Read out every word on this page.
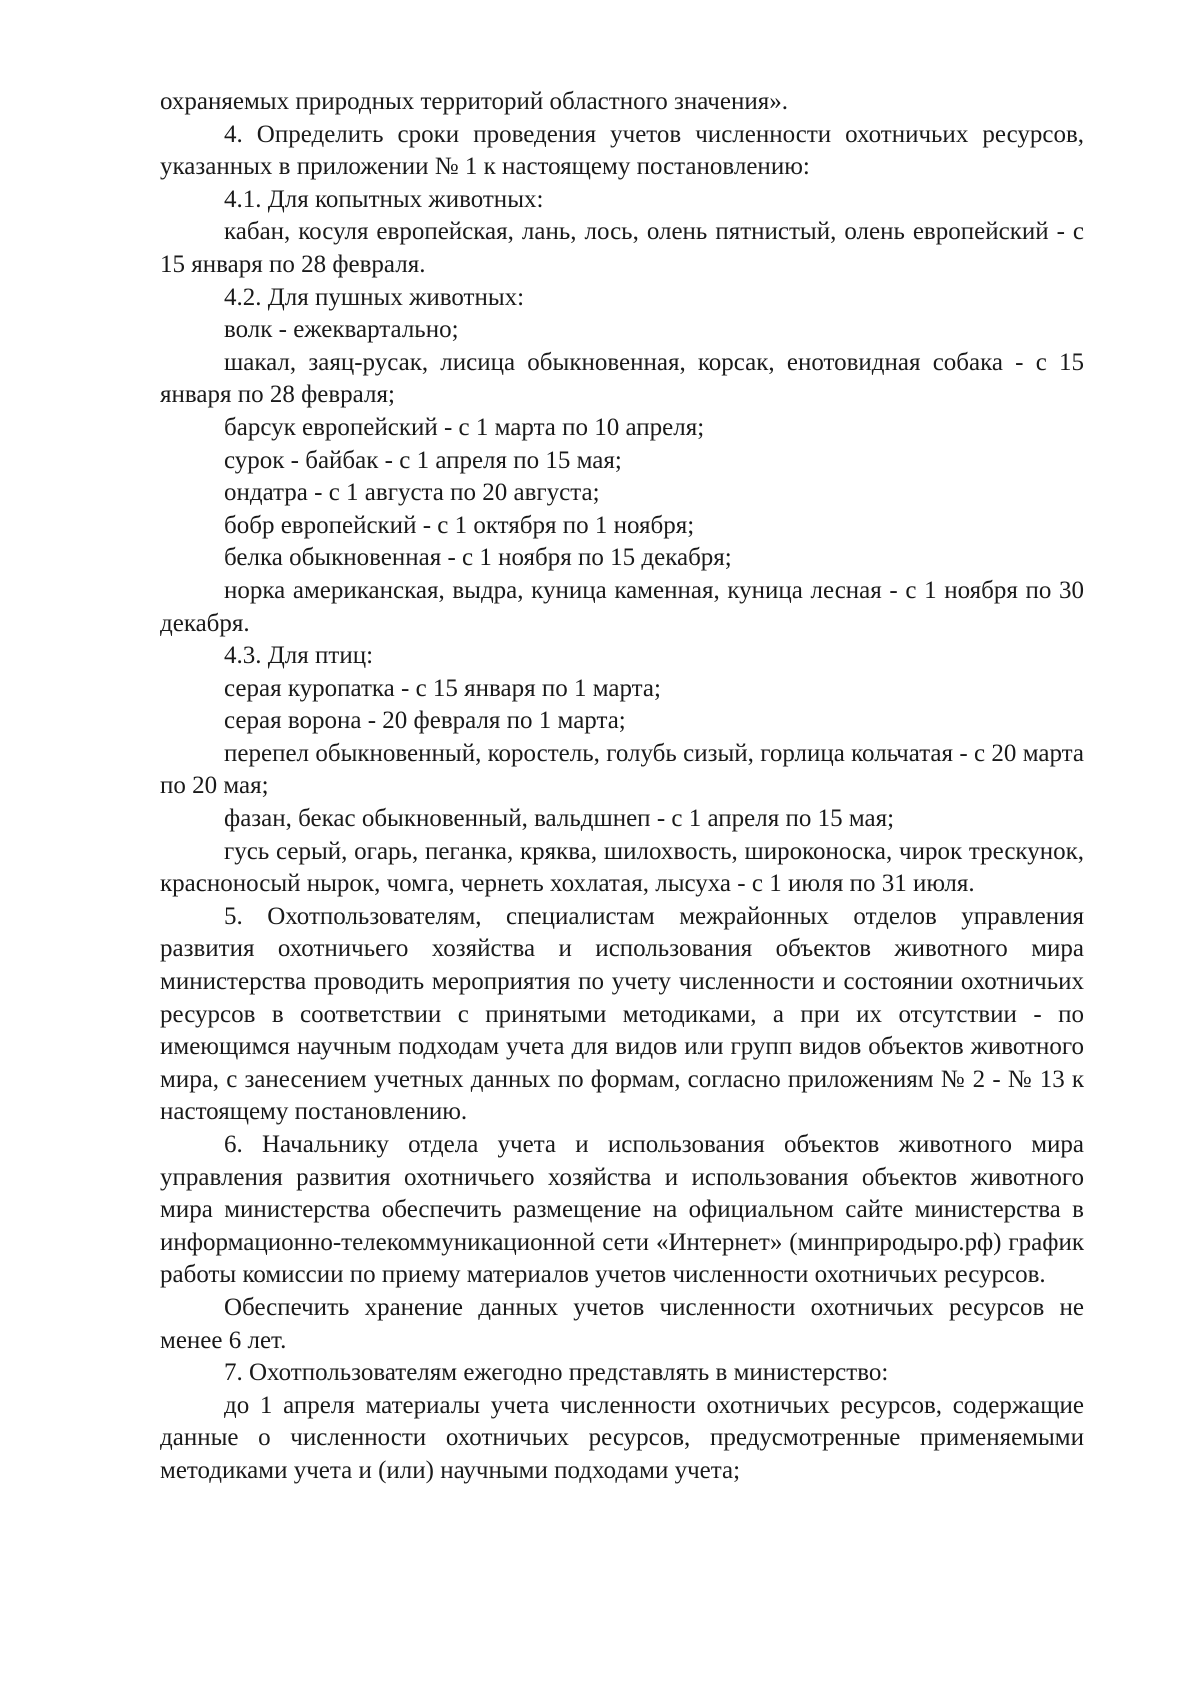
охраняемых природных территорий областного значения».

4. Определить сроки проведения учетов численности охотничьих ресурсов, указанных в приложении № 1 к настоящему постановлению:

4.1. Для копытных животных:

кабан, косуля европейская, лань, лось, олень пятнистый, олень европейский - с 15 января по 28 февраля.

4.2. Для пушных животных:

волк - ежеквартально;

шакал, заяц-русак, лисица обыкновенная, корсак, енотовидная собака - с 15 января по 28 февраля;

барсук европейский - с 1 марта по 10 апреля;

сурок - байбак - с 1 апреля по 15 мая;

ондатра - с 1 августа по 20 августа;

бобр европейский - с 1 октября по 1 ноября;

белка обыкновенная - с 1 ноября по 15 декабря;

норка американская, выдра, куница каменная, куница лесная - с 1 ноября по 30 декабря.

4.3. Для птиц:

серая куропатка - с 15 января по 1 марта;

серая ворона - 20 февраля по 1 марта;

перепел обыкновенный, коростель, голубь сизый, горлица кольчатая - с 20 марта по 20 мая;

фазан, бекас обыкновенный, вальдшнеп - с 1 апреля по 15 мая;

гусь серый, огарь, пеганка, кряква, шилохвость, широконоска, чирок трескунок, красноносый нырок, чомга, чернеть хохлатая, лысуха - с 1 июля по 31 июля.

5. Охотпользователям, специалистам межрайонных отделов управления развития охотничьего хозяйства и использования объектов животного мира министерства проводить мероприятия по учету численности и состоянии охотничьих ресурсов в соответствии с принятыми методиками, а при их отсутствии - по имеющимся научным подходам учета для видов или групп видов объектов животного мира, с занесением учетных данных по формам, согласно приложениям № 2 - № 13 к настоящему постановлению.

6. Начальнику отдела учета и использования объектов животного мира управления развития охотничьего хозяйства и использования объектов животного мира министерства обеспечить размещение на официальном сайте министерства в информационно-телекоммуникационной сети «Интернет» (минприродыро.рф) график работы комиссии по приему материалов учетов численности охотничьих ресурсов.

Обеспечить хранение данных учетов численности охотничьих ресурсов не менее 6 лет.

7. Охотпользователям ежегодно представлять в министерство:

до 1 апреля материалы учета численности охотничьих ресурсов, содержащие данные о численности охотничьих ресурсов, предусмотренные применяемыми методиками учета и (или) научными подходами учета;
